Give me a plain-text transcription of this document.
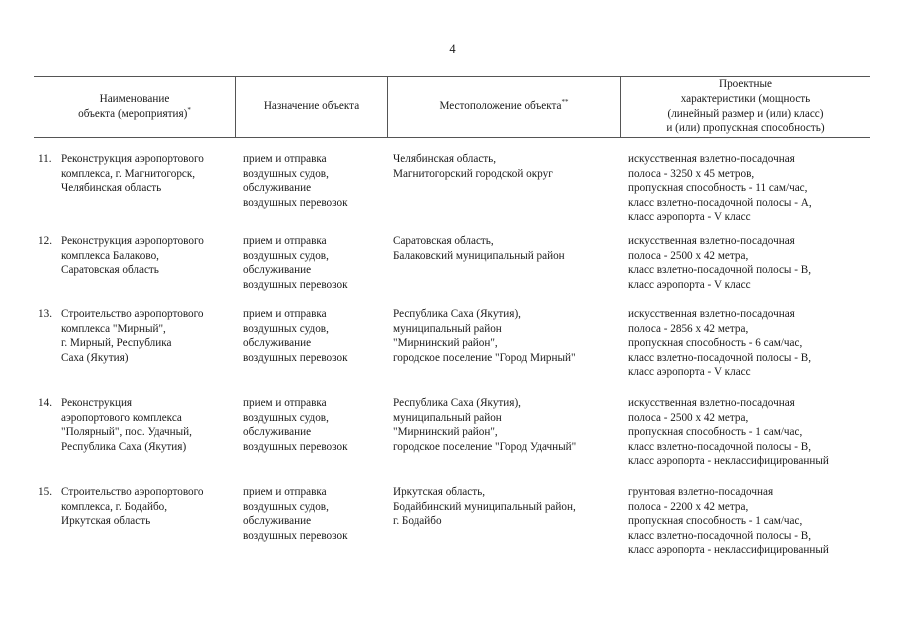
4
Наименование
объекта (мероприятия)*	Назначение объекта	Местоположение объекта**
Проектные
характеристики (мощность
(линейный размер и (или) класс)
и (или) пропускная способность)
11. Реконструкция аэропортового
комплекса, г. Магнитогорск,
Челябинская область
прием и отправка
воздушных судов,
обслуживание
воздушных перевозок
Челябинская область,
Магнитогорский городской округ
искусственная взлетно-посадочная
полоса - 3250 x 45 метров,
пропускная способность - 11 сам/час,
класс взлетно-посадочной полосы - А,
класс аэропорта - V класс
12. Реконструкция аэропортового
комплекса Балаково,
Саратовская область
прием и отправка
воздушных судов,
обслуживание
воздушных перевозок
Саратовская область,
Балаковский муниципальный район
искусственная взлетно-посадочная
полоса - 2500 x 42 метра,
класс взлетно-посадочной полосы - В,
класс аэропорта - V класс
13. Строительство аэропортового
комплекса "Мирный",
г. Мирный, Республика
Саха (Якутия)
прием и отправка
воздушных судов,
обслуживание
воздушных перевозок
Республика Саха (Якутия),
муниципальный район
"Мирнинский район",
городское поселение "Город Мирный"
искусственная взлетно-посадочная
полоса - 2856 x 42 метра,
пропускная способность - 6 сам/час,
класс взлетно-посадочной полосы - В,
класс аэропорта - V класс
14. Реконструкция
аэропортового комплекса
"Полярный", пос. Удачный,
Республика Саха (Якутия)
прием и отправка
воздушных судов,
обслуживание
воздушных перевозок
Республика Саха (Якутия),
муниципальный район
"Мирнинский район",
городское поселение "Город Удачный"
искусственная взлетно-посадочная
полоса - 2500 x 42 метра,
пропускная способность - 1 сам/час,
класс взлетно-посадочной полосы - В,
класс аэропорта - неклассифицированный
15. Строительство аэропортового
комплекса, г. Бодайбо,
Иркутская область
прием и отправка
воздушных судов,
обслуживание
воздушных перевозок
Иркутская область,
Бодайбинский муниципальный район,
г. Бодайбо
грунтовая взлетно-посадочная
полоса - 2200 x 42 метра,
пропускная способность - 1 сам/час,
класс взлетно-посадочной полосы - В,
класс аэропорта - неклассифицированный
